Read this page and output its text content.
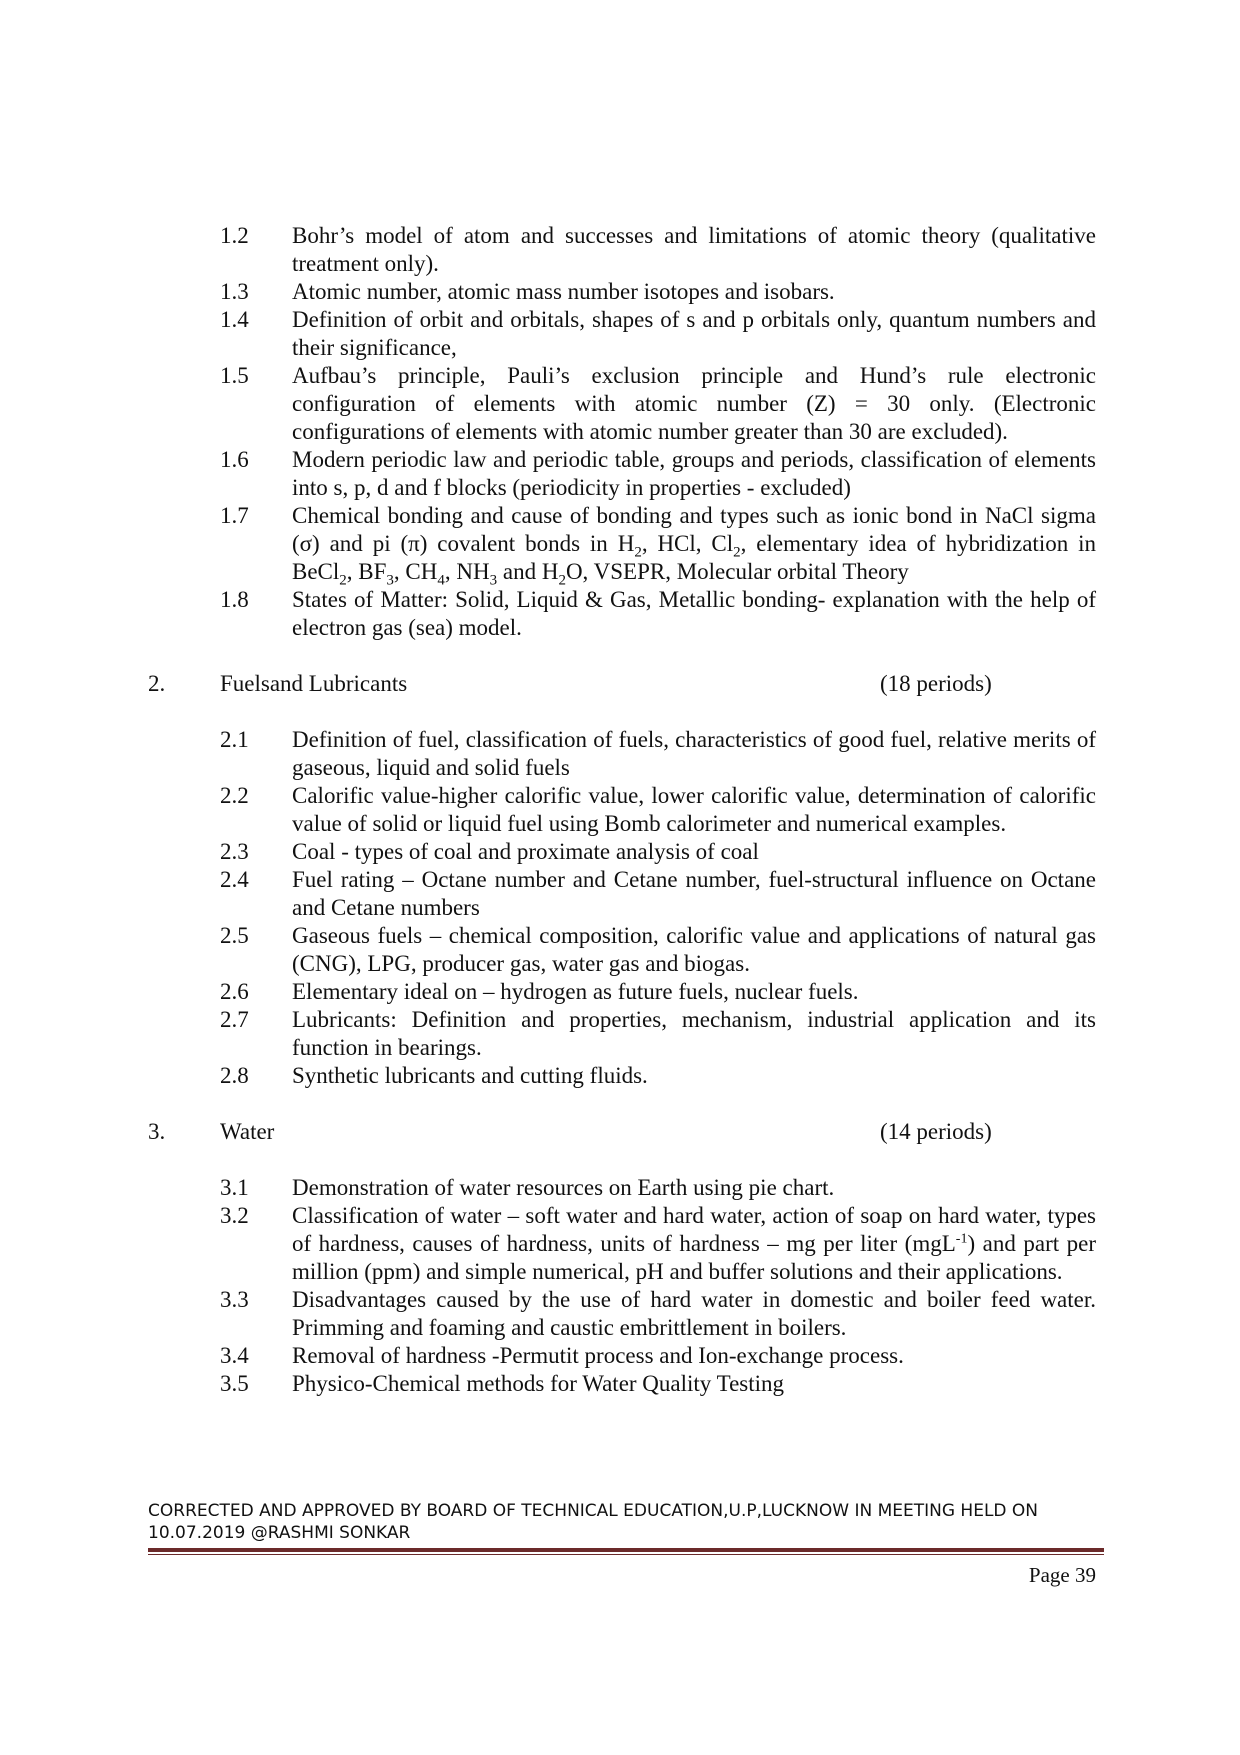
1.2	Bohr’s model of atom and successes and limitations of atomic theory (qualitative treatment only).
1.3	Atomic number, atomic mass number isotopes and isobars.
1.4	Definition of orbit and orbitals, shapes of s and p orbitals only, quantum numbers and their significance,
1.5	Aufbau’s principle, Pauli’s exclusion principle and Hund’s rule electronic configuration of elements with atomic number (Z) = 30 only. (Electronic configurations of elements with atomic number greater than 30 are excluded).
1.6	Modern periodic law and periodic table, groups and periods, classification of elements into s, p, d and f blocks (periodicity in properties - excluded)
1.7	Chemical bonding and cause of bonding and types such as ionic bond in NaCl sigma (σ) and pi (π) covalent bonds in $H_2$, HCl, $Cl_2$, elementary idea of hybridization in BeCl$_2$, $BF_3$, $CH_4$, $NH_3$ and $H_2O$, VSEPR, Molecular orbital Theory
1.8	States of Matter: Solid, Liquid & Gas, Metallic bonding- explanation with the help of electron gas (sea) model.
2.	Fuelsand Lubricants	(18 periods)
2.1	Definition of fuel, classification of fuels, characteristics of good fuel, relative merits of gaseous, liquid and solid fuels
2.2	Calorific value-higher calorific value, lower calorific value, determination of calorific value of solid or liquid fuel using Bomb calorimeter and numerical examples.
2.3	Coal - types of coal and proximate analysis of coal
2.4	Fuel rating – Octane number and Cetane number, fuel-structural influence on Octane and Cetane numbers
2.5	Gaseous fuels – chemical composition, calorific value and applications of natural gas (CNG), LPG, producer gas, water gas and biogas.
2.6	Elementary ideal on – hydrogen as future fuels, nuclear fuels.
2.7	Lubricants: Definition and properties, mechanism, industrial application and its function in bearings.
2.8	Synthetic lubricants and cutting fluids.
3.	Water	(14 periods)
3.1	Demonstration of water resources on Earth using pie chart.
3.2	Classification of water – soft water and hard water, action of soap on hard water, types of hardness, causes of hardness, units of hardness – mg per liter (mgL$^{-1}$) and part per million (ppm) and simple numerical, pH and buffer solutions and their applications.
3.3	Disadvantages caused by the use of hard water in domestic and boiler feed water. Primming and foaming and caustic embrittlement in boilers.
3.4	Removal of hardness -Permutit process and Ion-exchange process.
3.5	Physico-Chemical methods for Water Quality Testing
CORRECTED AND APPROVED BY BOARD OF TECHNICAL EDUCATION,U.P,LUCKNOW IN MEETING HELD ON
10.07.2019 @RASHMI SONKAR
Page 39
